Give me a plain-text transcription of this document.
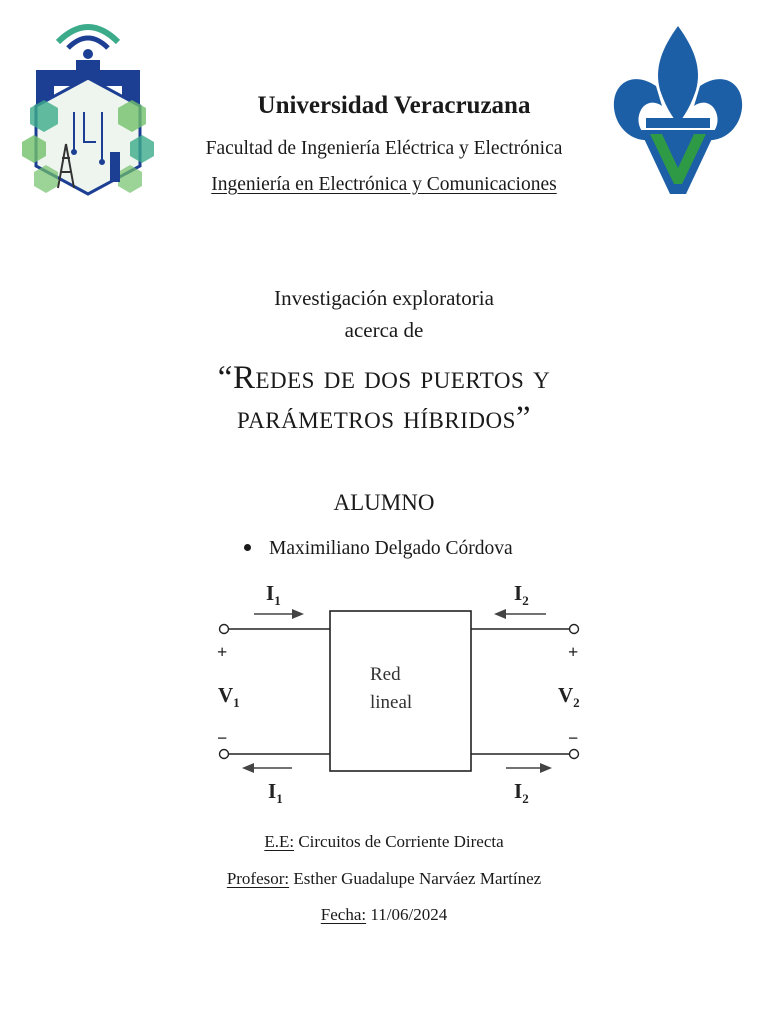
Universidad Veracruzana
Facultad de Ingeniería Eléctrica y Electrónica
Ingeniería en Electrónica y Comunicaciones
Investigación exploratoria
acerca de
“Redes de dos puertos y
parámetros híbridos”
ALUMNO
Maximiliano Delgado Córdova
Red
lineal
$I_1$	$I_2$
$I_1$	$I_2$
+
$V_1$
−
+
$V_2$
−
E.E: Circuitos de Corriente Directa
Profesor: Esther Guadalupe Narváez Martínez
Fecha: 11/06/2024
